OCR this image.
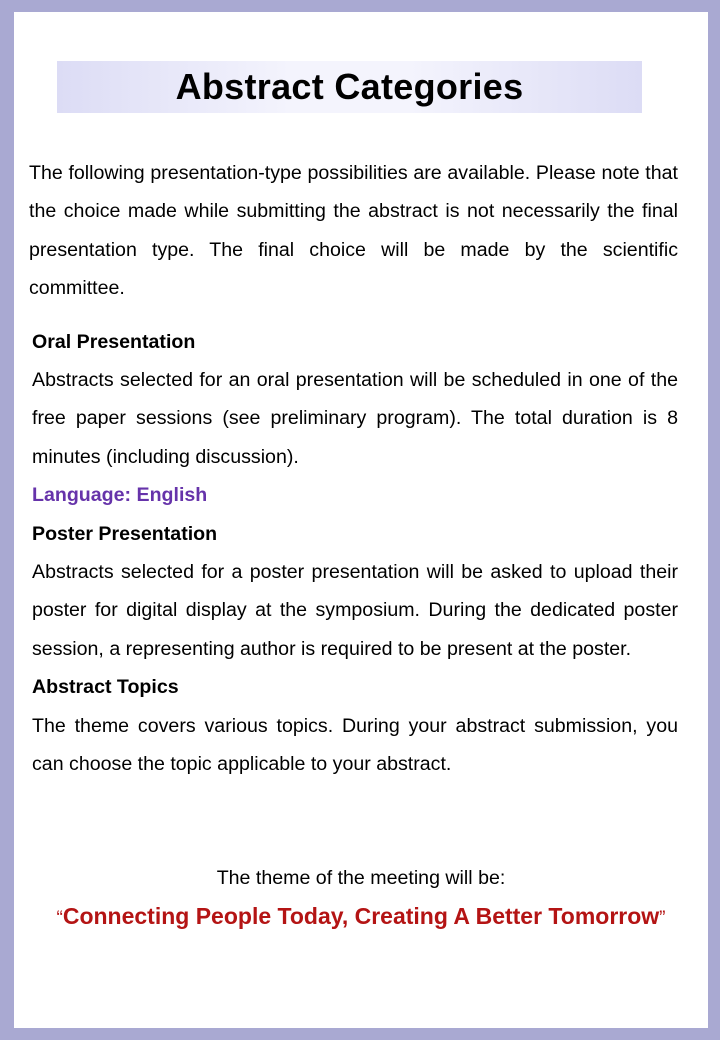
Abstract Categories

The following presentation-type possibilities are available. Please note that the choice made while submitting the abstract is not necessarily the final presentation type. The final choice will be made by the scientific committee.

Oral Presentation

Abstracts selected for an oral presentation will be scheduled in one of the free paper sessions (see preliminary program). The total duration is 8 minutes (including discussion).

Language: English

Poster Presentation

Abstracts selected for a poster presentation will be asked to upload their poster for digital display at the symposium. During the dedicated poster session, a representing author is required to be present at the poster.

Abstract Topics

The theme covers various topics. During your abstract submission, you can choose the topic applicable to your abstract.

The theme of the meeting will be:

“Connecting People Today, Creating A Better Tomorrow”
